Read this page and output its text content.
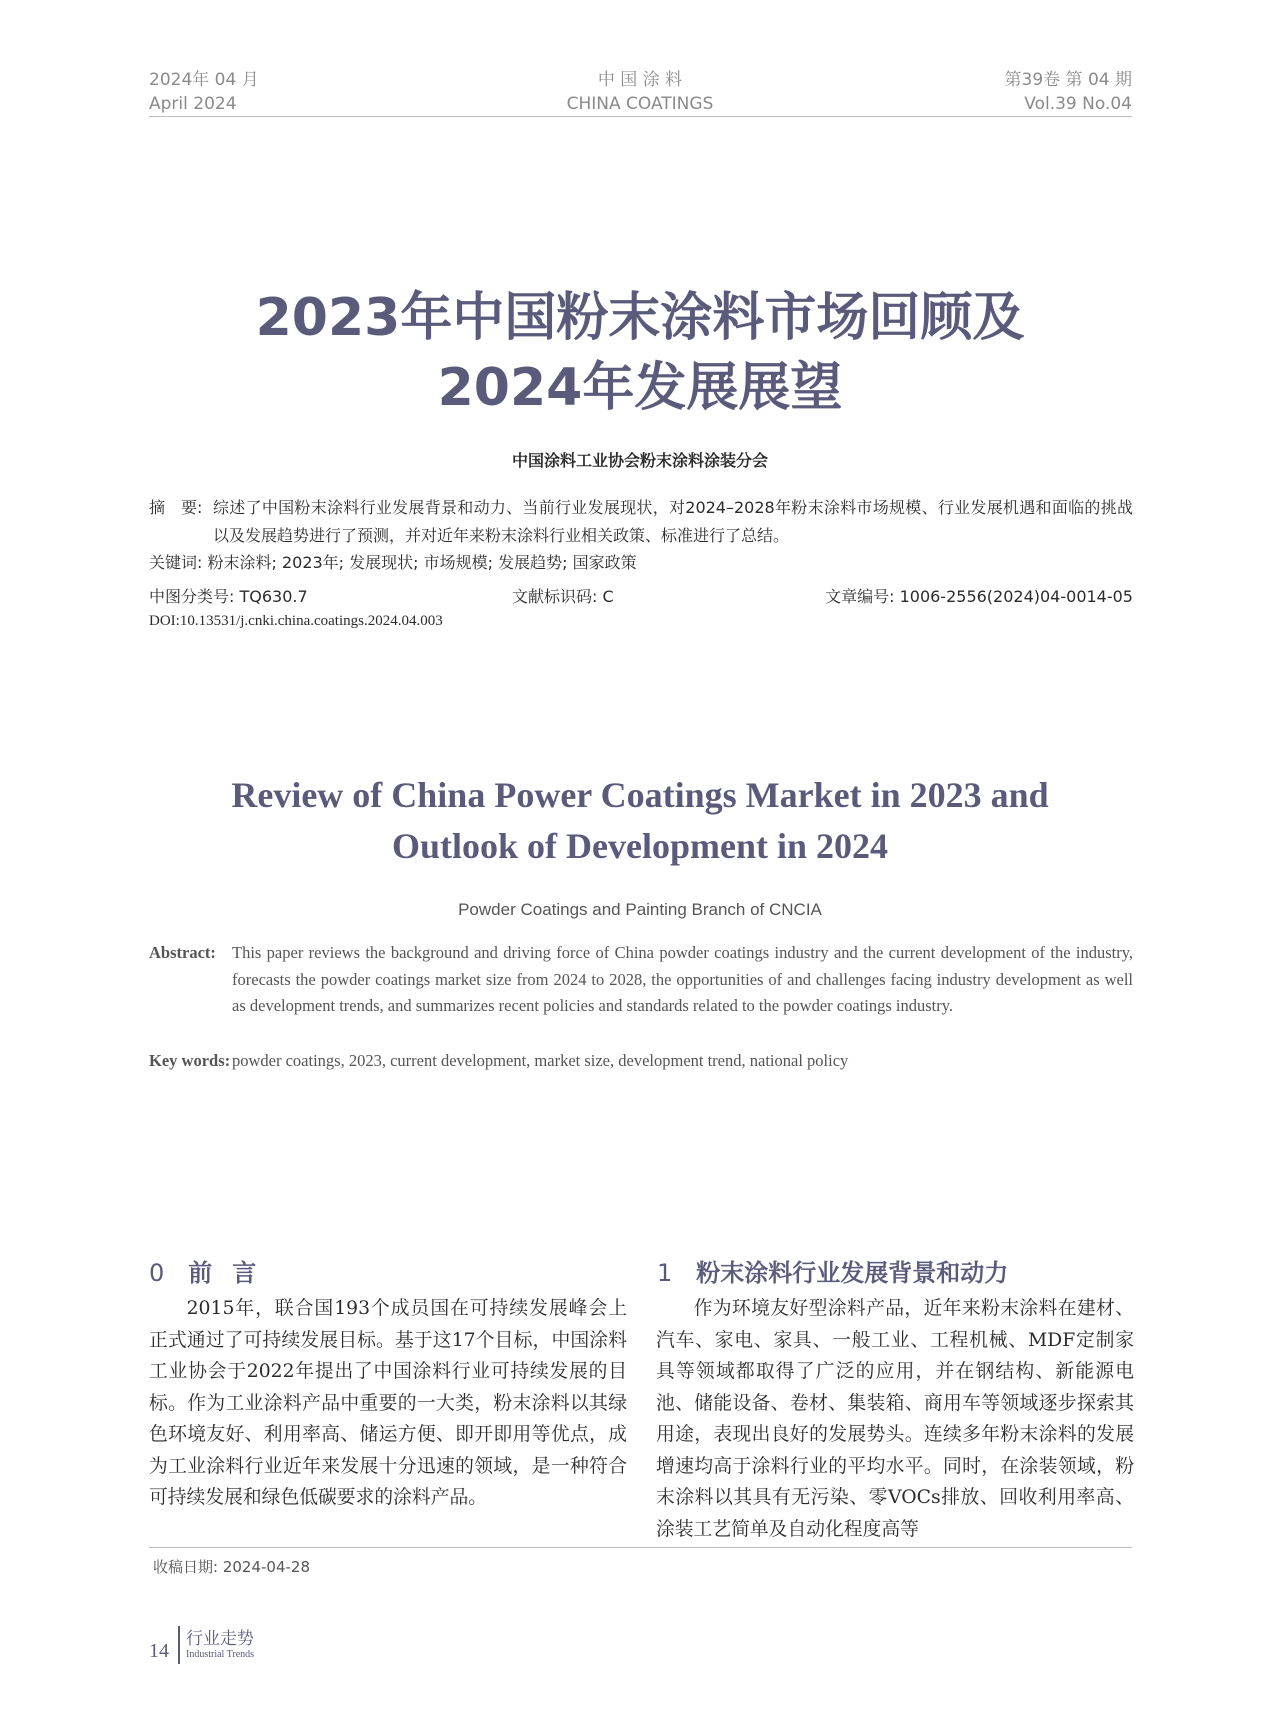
2024年 04 月
April 2024
中 国 涂 料
CHINA COATINGS
第39卷 第 04 期
Vol.39 No.04
2023年中国粉末涂料市场回顾及
2024年发展展望
中国涂料工业协会粉末涂料涂装分会
摘　要: 综述了中国粉末涂料行业发展背景和动力、当前行业发展现状，对2024–2028年粉末涂料市场规模、行业发展机遇和面临的挑战以及发展趋势进行了预测，并对近年来粉末涂料行业相关政策、标准进行了总结。
关键词: 粉末涂料; 2023年; 发展现状; 市场规模; 发展趋势; 国家政策
中图分类号: TQ630.7	文献标识码: C	文章编号: 1006-2556(2024)04-0014-05
DOI:10.13531/j.cnki.china.coatings.2024.04.003
Review of China Power Coatings Market in 2023 and
Outlook of Development in 2024
Powder Coatings and Painting Branch of CNCIA
Abstract: This paper reviews the background and driving force of China powder coatings industry and the current development of the industry, forecasts the powder coatings market size from 2024 to 2028, the opportunities of and challenges facing industry development as well as development trends, and summarizes recent policies and standards related to the powder coatings industry.
Key words: powder coatings, 2023, current development, market size, development trend, national policy
0 前言	1 粉末涂料行业发展背景和动力

2015年，联合国193个成员国在可持续发展峰会上正式通过了可持续发展目标。基于这17个目标，中国涂料工业协会于2022年提出了中国涂料行业可持续发展的目标。作为工业涂料产品中重要的一大类，粉末涂料以其绿色环境友好、利用率高、储运方便、即开即用等优点，成为工业涂料行业近年来发展十分迅速的领域，是一种符合可持续发展和绿色低碳要求的涂料产品。

作为环境友好型涂料产品，近年来粉末涂料在建材、汽车、家电、家具、一般工业、工程机械、MDF定制家具等领域都取得了广泛的应用，并在钢结构、新能源电池、储能设备、卷材、集装箱、商用车等领域逐步探索其用途，表现出良好的发展势头。连续多年粉末涂料的发展增速均高于涂料行业的平均水平。同时，在涂装领域，粉末涂料以其具有无污染、零VOCs排放、回收利用率高、涂装工艺简单及自动化程度高等

收稿日期: 2024-04-28
14
行业走势
Industrial Trends
